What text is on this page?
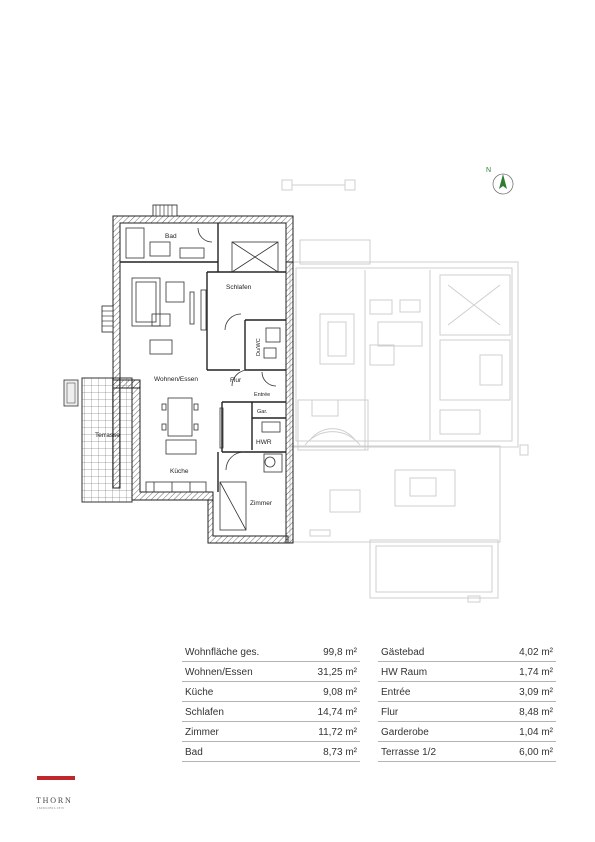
N
Bad
Schlafen
Du/WC
Wohnen/Essen	Flur
Entrée
Gar.
HWR
Küche
Zimmer
Terrasse
Wohnfläche ges.	99,8 m²
Wohnen/Essen	31,25 m²
Küche	9,08 m²
Schlafen	14,74 m²
Zimmer	11,72 m²
Bad	8,73 m²
Gästebad	4,02 m²
HW Raum	1,74 m²
Entrée	3,09 m²
Flur	8,48 m²
Garderobe	1,04 m²
Terrasse 1/2	6,00 m²
THORN
IMMOBILIEN
